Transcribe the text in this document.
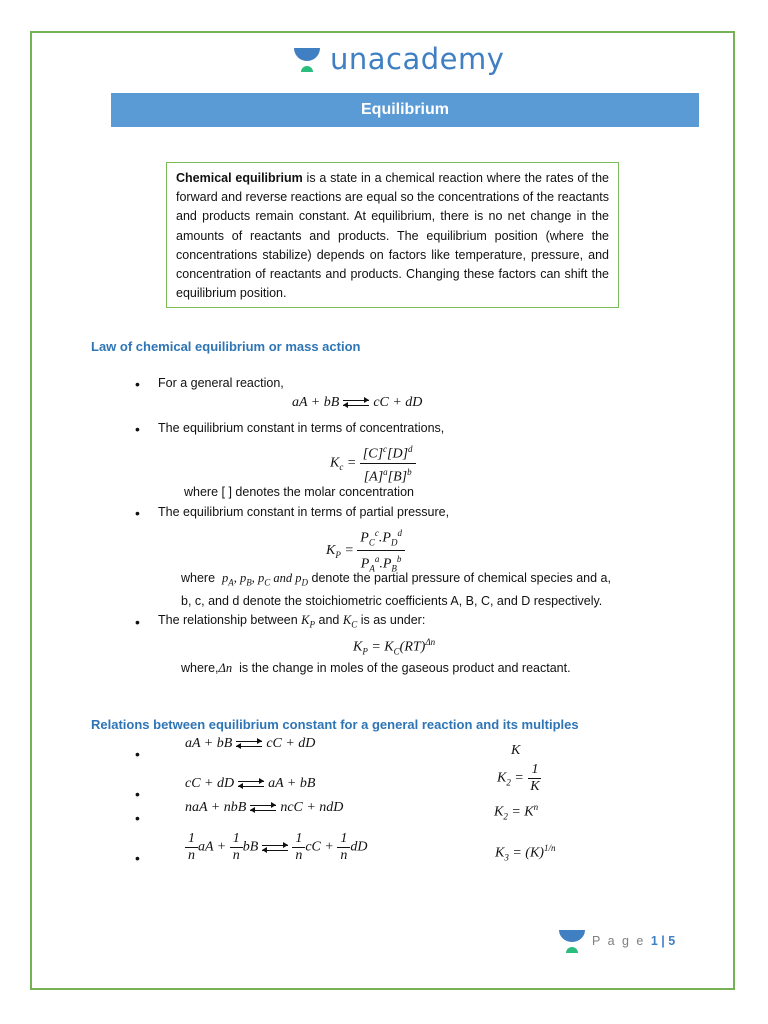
unacademy
Equilibrium
Chemical equilibrium is a state in a chemical reaction where the rates of the forward and reverse reactions are equal so the concentrations of the reactants and products remain constant. At equilibrium, there is no net change in the amounts of reactants and products. The equilibrium position (where the concentrations stabilize) depends on factors like temperature, pressure, and concentration of reactants and products. Changing these factors can shift the equilibrium position.
Law of chemical equilibrium or mass action
• For a general reaction,
aA + bB ⇌ cC + dD
• The equilibrium constant in terms of concentrations,
$K_c = \frac{[C]^c[D]^d}{[A]^a[B]^b}$
where [ ] denotes the molar concentration
• The equilibrium constant in terms of partial pressure,
$K_P = \frac{P_C^c.P_D^d}{P_A^a.P_B^b}$
where $p_A$, $p_B$, $p_C$ and $p_D$ denote the partial pressure of chemical species and a,
b, c, and d denote the stoichiometric coefficients A, B, C, and D respectively.
• The relationship between $K_P$ and $K_C$ is as under:
$K_P = K_C(RT)^{\Delta n}$
where,Δn is the change in moles of the gaseous product and reactant.
Relations between equilibrium constant for a general reaction and its multiples
•
aA + bB ⇌ cC + dD	K
•
cC + dD ⇌ aA + bB	$K_2 = \frac{1}{K}$
•
naA + nbB ⇌ ncC + ndD	$K_2 = K^n$
•	$\frac{1}{n}$ aA + $\frac{1}{n}$ bB ⇌ $\frac{1}{n}$ cC + $\frac{1}{n}$ dD	$K_3 = (K)^{1/n}$
P a g e 1 | 5
